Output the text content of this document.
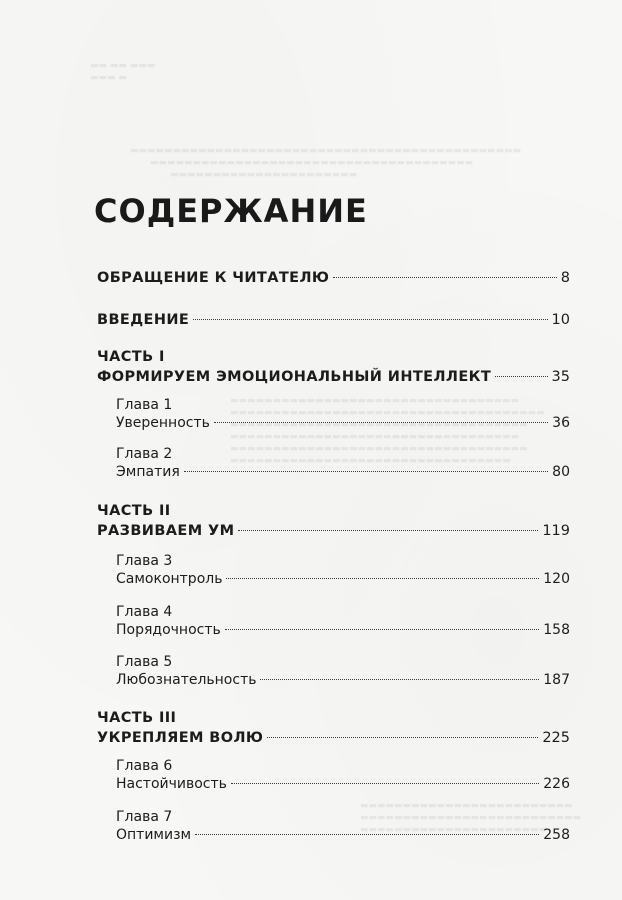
▬▬ ▬▬ ▬▬▬
▬▬▬ ▬
▬▬▬▬▬▬▬▬▬▬▬▬▬▬▬▬▬▬▬▬▬▬▬▬▬▬▬▬▬▬▬▬▬▬▬▬▬▬▬▬▬▬▬▬▬▬
▬▬▬▬▬▬▬▬▬▬▬▬▬▬▬▬▬▬▬▬▬▬▬▬▬▬▬▬▬▬▬▬▬▬▬▬▬▬
▬▬▬▬▬▬▬▬▬▬▬▬▬▬▬▬▬▬▬▬▬▬
▬▬▬▬▬▬▬▬▬▬▬▬▬▬▬▬▬▬▬▬▬▬▬▬▬▬▬▬▬▬▬▬▬▬
▬▬▬▬▬▬▬▬▬▬▬▬▬▬▬▬▬▬▬▬▬▬▬▬▬▬▬▬▬▬▬▬▬▬▬▬▬
▬▬▬▬▬▬▬▬▬▬▬▬▬▬▬▬▬▬▬▬▬▬▬▬▬▬▬▬▬▬▬▬▬▬▬
▬▬▬▬▬▬▬▬▬▬▬▬▬▬▬▬▬▬▬▬▬▬▬▬▬▬▬▬▬▬▬▬▬▬
▬▬▬▬▬▬▬▬▬▬▬▬▬▬▬▬▬▬▬▬▬▬▬▬▬▬▬▬▬▬▬▬▬▬▬
▬▬▬▬▬▬▬▬▬▬▬▬▬▬▬▬▬▬▬▬▬▬▬▬▬▬▬▬▬▬▬▬▬
▬▬▬▬▬▬▬▬▬▬▬▬▬▬▬▬▬▬▬▬▬▬▬▬▬
▬▬▬▬▬▬▬▬▬▬▬▬▬▬▬▬▬▬▬▬▬▬▬▬▬▬
▬▬▬▬▬▬▬▬▬▬▬▬▬▬▬▬▬▬▬▬▬▬
СОДЕРЖАНИЕ
ОБРАЩЕНИЕ К ЧИТАТЕЛЮ	8
ВВЕДЕНИЕ	10
ЧАСТЬ I
ФОРМИРУЕМ ЭМОЦИОНАЛЬНЫЙ ИНТЕЛЛЕКТ	35
Глава 1
Уверенность	36
Глава 2
Эмпатия	80
ЧАСТЬ II
РАЗВИВАЕМ УМ	119
Глава 3
Самоконтроль	120
Глава 4
Порядочность	158
Глава 5
Любознательность	187
ЧАСТЬ III
УКРЕПЛЯЕМ ВОЛЮ	225
Глава 6
Настойчивость	226
Глава 7
Оптимизм	258
